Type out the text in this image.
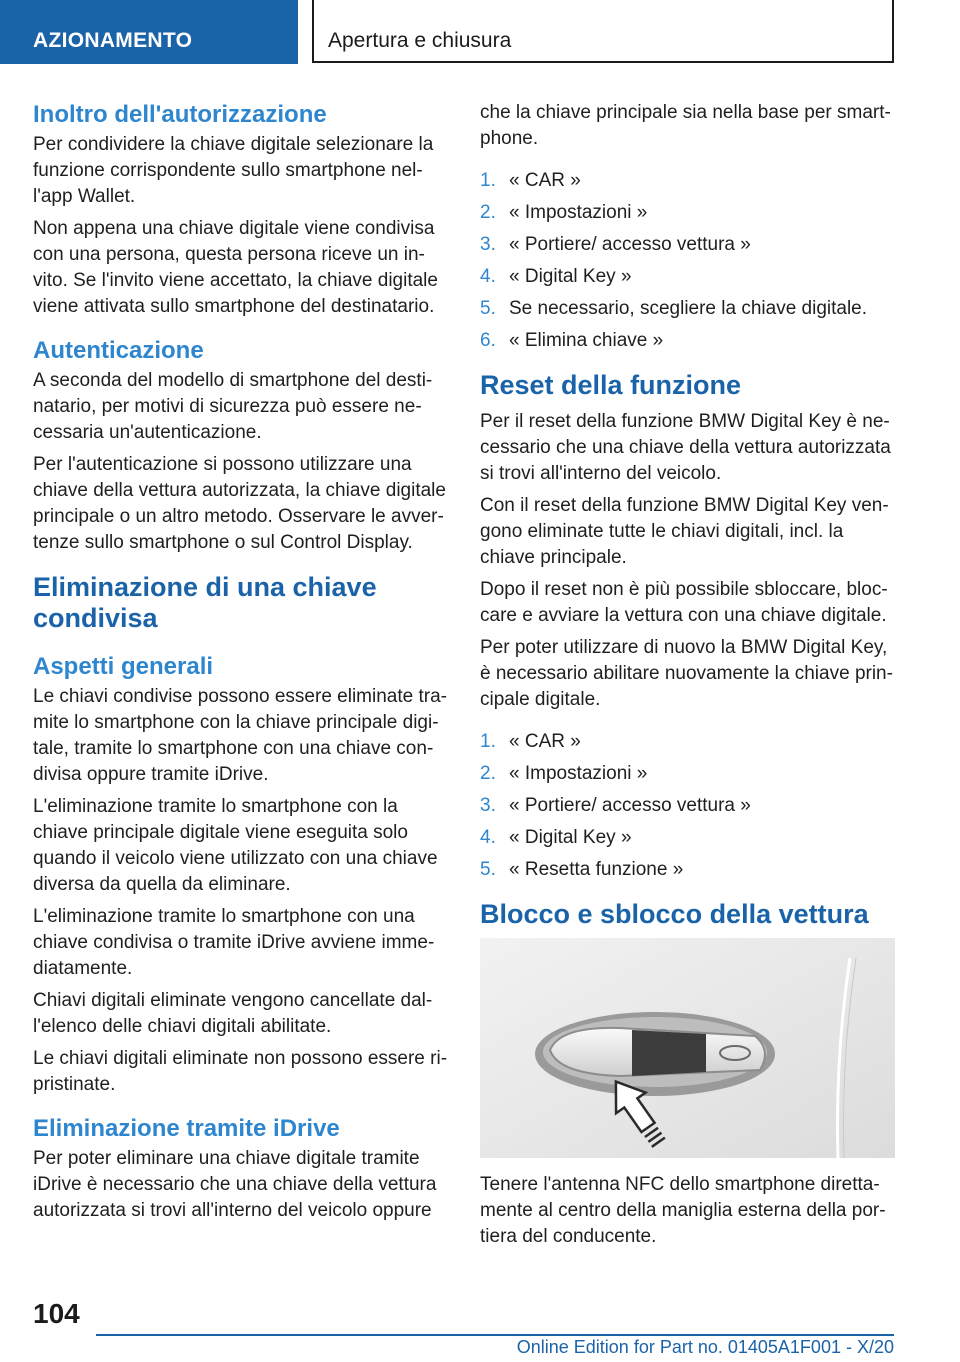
AZIONAMENTO	Apertura e chiusura
Inoltro dell'autorizzazione

Per condividere la chiave digitale selezionare la funzione corrispondente sullo smartphone nell'app Wallet.

Non appena una chiave digitale viene condivisa con una persona, questa persona riceve un invito. Se l'invito viene accettato, la chiave digitale viene attivata sullo smartphone del destinatario.

Autenticazione

A seconda del modello di smartphone del destinatario, per motivi di sicurezza può essere necessaria un'autenticazione.

Per l'autenticazione si possono utilizzare una chiave della vettura autorizzata, la chiave digitale principale o un altro metodo. Osservare le avvertenze sullo smartphone o sul Control Display.

Eliminazione di una chiave condivisa
Aspetti generali

Le chiavi condivise possono essere eliminate tramite lo smartphone con la chiave principale digitale, tramite lo smartphone con una chiave condivisa oppure tramite iDrive.

L'eliminazione tramite lo smartphone con la chiave principale digitale viene eseguita solo quando il veicolo viene utilizzato con una chiave diversa da quella da eliminare.

L'eliminazione tramite lo smartphone con una chiave condivisa o tramite iDrive avviene immediatamente.

Chiavi digitali eliminate vengono cancellate dall'elenco delle chiavi digitali abilitate.

Le chiavi digitali eliminate non possono essere ripristinate.

Eliminazione tramite iDrive

Per poter eliminare una chiave digitale tramite iDrive è necessario che una chiave della vettura autorizzata si trovi all'interno del veicolo oppure

che la chiave principale sia nella base per smartphone.

1. « CAR »
2. « Impostazioni »
3. « Portiere/ accesso vettura »
4. « Digital Key »
5. Se necessario, scegliere la chiave digitale.
6. « Elimina chiave »
Reset della funzione

Per il reset della funzione BMW Digital Key è necessario che una chiave della vettura autorizzata si trovi all'interno del veicolo.

Con il reset della funzione BMW Digital Key vengono eliminate tutte le chiavi digitali, incl. la chiave principale.

Dopo il reset non è più possibile sbloccare, bloccare e avviare la vettura con una chiave digitale.

Per poter utilizzare di nuovo la BMW Digital Key, è necessario abilitare nuovamente la chiave principale digitale.

1. « CAR »
2. « Impostazioni »
3. « Portiere/ accesso vettura »
4. « Digital Key »
5. « Resetta funzione »
Blocco e sblocco della vettura

Tenere l'antenna NFC dello smartphone direttamente al centro della maniglia esterna della portiera del conducente.

104
Online Edition for Part no. 01405A1F001 - X/20
